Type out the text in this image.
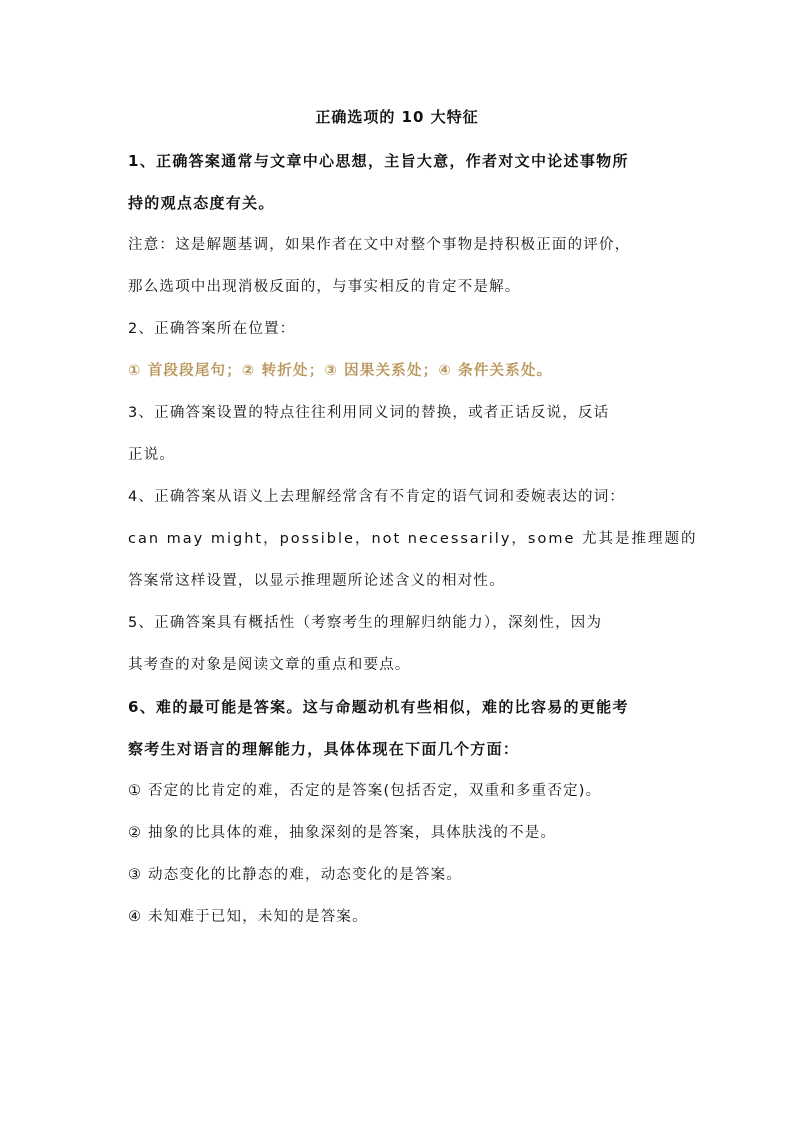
正确选项的 10 大特征
1、正确答案通常与文章中心思想，主旨大意，作者对文中论述事物所
持的观点态度有关。
注意：这是解题基调，如果作者在文中对整个事物是持积极正面的评价，
那么选项中出现消极反面的，与事实相反的肯定不是解。
2、正确答案所在位置：
① 首段段尾句；② 转折处；③ 因果关系处；④ 条件关系处。
3、正确答案设置的特点往往利用同义词的替换，或者正话反说，反话
正说。
4、正确答案从语义上去理解经常含有不肯定的语气词和委婉表达的词：
can may might，possible，not necessarily，some 尤其是推理题的
答案常这样设置，以显示推理题所论述含义的相对性。
5、正确答案具有概括性（考察考生的理解归纳能力），深刻性，因为
其考查的对象是阅读文章的重点和要点。
6、难的最可能是答案。这与命题动机有些相似，难的比容易的更能考
察考生对语言的理解能力，具体体现在下面几个方面：
① 否定的比肯定的难，否定的是答案(包括否定，双重和多重否定)。
② 抽象的比具体的难，抽象深刻的是答案，具体肤浅的不是。
③ 动态变化的比静态的难，动态变化的是答案。
④ 未知难于已知，未知的是答案。
